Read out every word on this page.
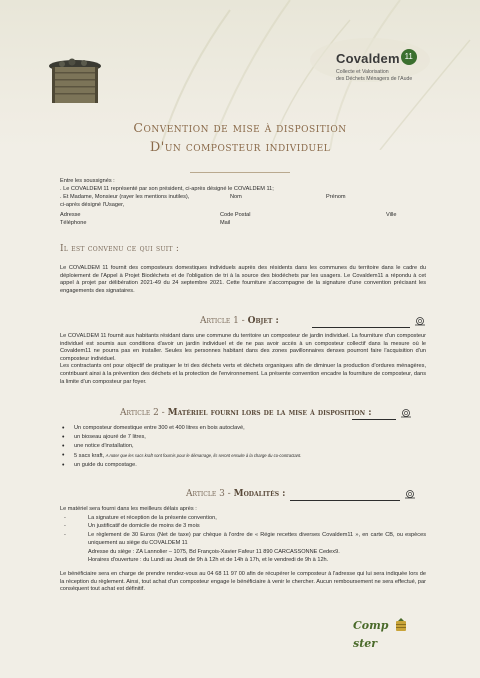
Covaldem 11
Collecte et Valorisation
des Déchets Ménagers de l'Aude
Convention de mise à disposition
D'un composteur individuel
Entre les soussignés :
. Le COVALDEM 11 représenté par son président, ci-après désigné le COVALDEM 11;
. Et Madame, Monsieur (rayer les mentions inutiles),	Nom	Prénom
ci-après désigné l'Usager,
Adresse	Code Postal	Ville
Téléphone	Mail
Il est convenu ce qui suit :

Le COVALDEM 11 fournit des composteurs domestiques individuels auprès des résidents dans les communes du territoire dans le cadre du déploiement de l'Appel à Projet Biodéchets et de l'obligation de tri à la source des biodéchets par les usagers. Le Covaldem11 a répondu à cet appel à projet par délibération 2021-49 du 24 septembre 2021. Cette fourniture s'accompagne de la signature d'une convention précisant les engagements des signataires.

Article 1 - Objet :

Le COVALDEM 11 fournit aux habitants résidant dans une commune du territoire un composteur de jardin individuel. La fourniture d'un composteur individuel est soumis aux conditions d'avoir un jardin individuel et de ne pas avoir accès à un composteur collectif dans la mesure où le Covaldem11 ne pourra pas en installer. Seules les personnes habitant dans des zones pavillonnaires denses pourront faire l'acquisition d'un composteur individuel.

Les contractants ont pour objectif de pratiquer le tri des déchets verts et déchets organiques afin de diminuer la production d'ordures ménagères, contribuant ainsi à la prévention des déchets et la protection de l'environnement. La présente convention encadre la fourniture de composteur, dans la limite d'un composteur par foyer.

Article 2 - Matériel fourni lors de la mise à disposition :
• Un composteur domestique entre 300 et 400 litres en bois autoclavé,
• un bioseau ajouré de 7 litres,
• une notice d'installation,
• 5 sacs kraft, A noter que les sacs kraft sont fournis pour le démarrage, ils seront ensuite à la charge du co-contractant.
• un guide du compostage.
Article 3 - Modalités :
Le matériel sera fourni dans les meilleurs délais après :
- La signature et réception de la présente convention,
- Un justificatif de domicile de moins de 3 mois
- Le règlement de 30 Euros (Net de taxe) par chèque à l'ordre de « Régie recettes diverses Covaldem11 », en carte CB, ou espèces uniquement au siège du COVALDEM 11
Adresse du siège : ZA Lannolier – 1075, Bd François-Xavier Fafeur 11 890 CARCASSONNE Cedex9.
Horaires d'ouverture : du Lundi au Jeudi de 9h à 12h et de 14h à 17h, et le vendredi de 9h à 12h.

Le bénéficiaire sera en charge de prendre rendez-vous au 04 68 11 97 00 afin de récupérer le composteur à l'adresse qui lui sera indiquée lors de la réception du règlement. Ainsi, tout achat d'un composteur engage le bénéficiaire à venir le chercher. Aucun remboursement ne sera effectué, par conséquent tout achat est définitif.

Comp  ster
